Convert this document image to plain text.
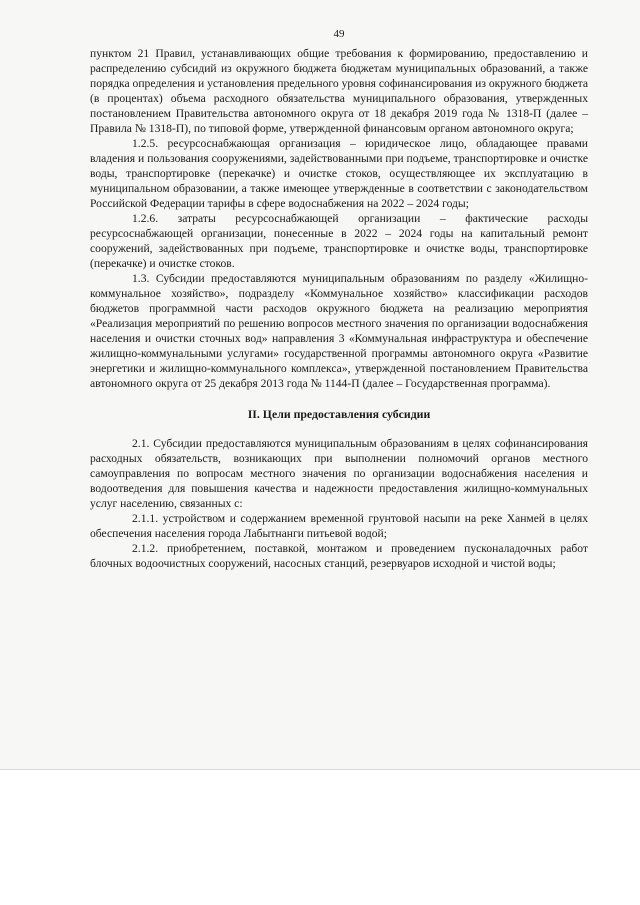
49

пунктом 21 Правил, устанавливающих общие требования к формированию, предоставлению и распределению субсидий из окружного бюджета бюджетам муниципальных образований, а также порядка определения и установления предельного уровня софинансирования из окружного бюджета (в процентах) объема расходного обязательства муниципального образования, утвержденных постановлением Правительства автономного округа от 18 декабря 2019 года № 1318-П (далее – Правила № 1318-П), по типовой форме, утвержденной финансовым органом автономного округа;

1.2.5. ресурсоснабжающая организация – юридическое лицо, обладающее правами владения и пользования сооружениями, задействованными при подъеме, транспортировке и очистке воды, транспортировке (перекачке) и очистке стоков, осуществляющее их эксплуатацию в муниципальном образовании, а также имеющее утвержденные в соответствии с законодательством Российской Федерации тарифы в сфере водоснабжения на 2022 – 2024 годы;

1.2.6. затраты ресурсоснабжающей организации – фактические расходы ресурсоснабжающей организации, понесенные в 2022 – 2024 годы на капитальный ремонт сооружений, задействованных при подъеме, транспортировке и очистке воды, транспортировке (перекачке) и очистке стоков.

1.3. Субсидии предоставляются муниципальным образованиям по разделу «Жилищно-коммунальное хозяйство», подразделу «Коммунальное хозяйство» классификации расходов бюджетов программной части расходов окружного бюджета на реализацию мероприятия «Реализация мероприятий по решению вопросов местного значения по организации водоснабжения населения и очистки сточных вод» направления 3 «Коммунальная инфраструктура и обеспечение жилищно-коммунальными услугами» государственной программы автономного округа «Развитие энергетики и жилищно-коммунального комплекса», утвержденной постановлением Правительства автономного округа от 25 декабря 2013 года № 1144-П (далее – Государственная программа).

II. Цели предоставления субсидии

2.1. Субсидии предоставляются муниципальным образованиям в целях софинансирования расходных обязательств, возникающих при выполнении полномочий органов местного самоуправления по вопросам местного значения по организации водоснабжения населения и водоотведения для повышения качества и надежности предоставления жилищно-коммунальных услуг населению, связанных с:

2.1.1. устройством и содержанием временной грунтовой насыпи на реке Ханмей в целях обеспечения населения города Лабытнанги питьевой водой;

2.1.2. приобретением, поставкой, монтажом и проведением пусконаладочных работ блочных водоочистных сооружений, насосных станций, резервуаров исходной и чистой воды;
